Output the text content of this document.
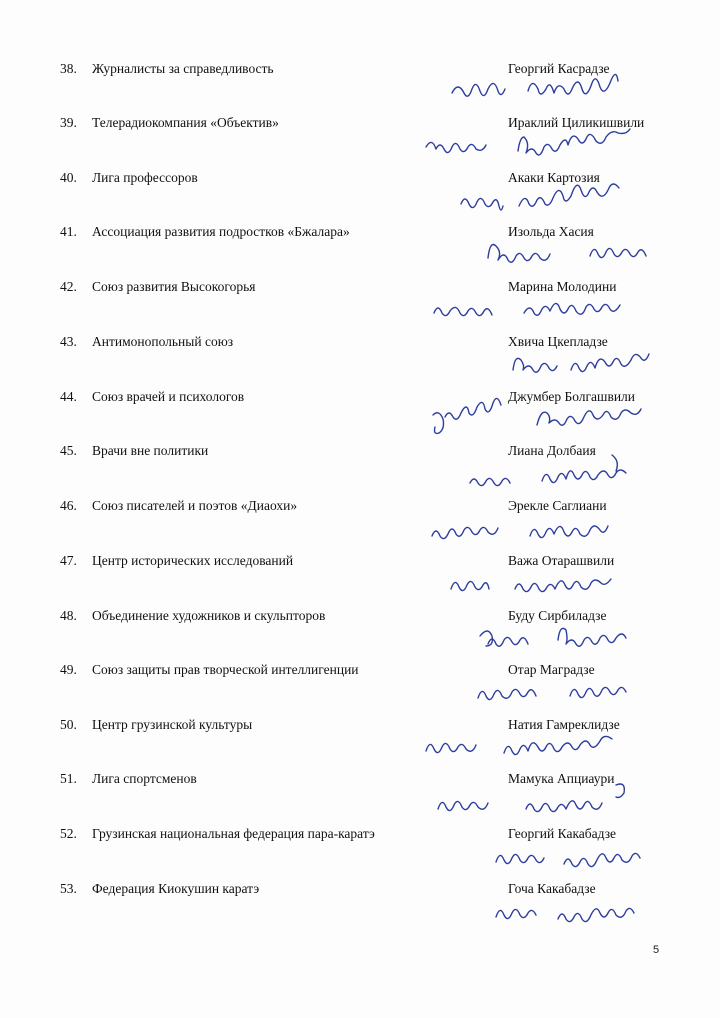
38. Журналисты за справедливость	Георгий Касрадзе
39. Телерадиокомпания «Объектив»	Ираклий Циликишвили
40. Лига профессоров	Акаки Картозия
41. Ассоциация развития подростков «Бжалара»	Изольда Хасия
42. Союз развития Высокогорья	Марина Молодини
43. Антимонопольный союз	Хвича Цкепладзе
44. Союз врачей и психологов	Джумбер Болгашвили
45. Врачи вне политики	Лиана Долбаия
46. Союз писателей и поэтов «Диаохи»	Эрекле Саглиани
47. Центр исторических исследований	Важа Отарашвили
48. Объединение художников и скульпторов	Буду Сирбиладзе
49. Союз защиты прав творческой интеллигенции	Отар Маградзе
50. Центр грузинской культуры	Натия Гамреклидзе
51. Лига спортсменов	Мамука Апциаури
52. Грузинская национальная федерация пара-каратэ	Георгий Какабадзе
53. Федерация Киокушин каратэ	Гоча Какабадзе
5
